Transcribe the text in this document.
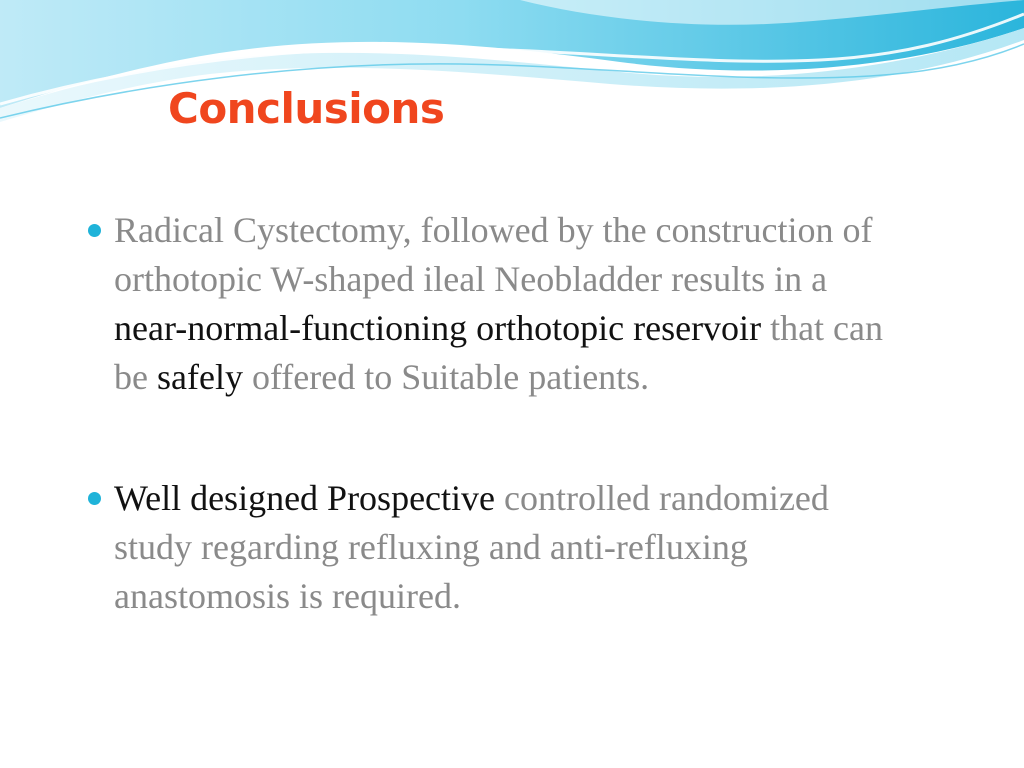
Conclusions
Radical Cystectomy, followed by the construction of orthotopic W-shaped ileal Neobladder results in a near-normal-functioning orthotopic reservoir that can be safely offered to Suitable patients.
Well designed Prospective controlled randomized study regarding refluxing and anti-refluxing anastomosis is required.
